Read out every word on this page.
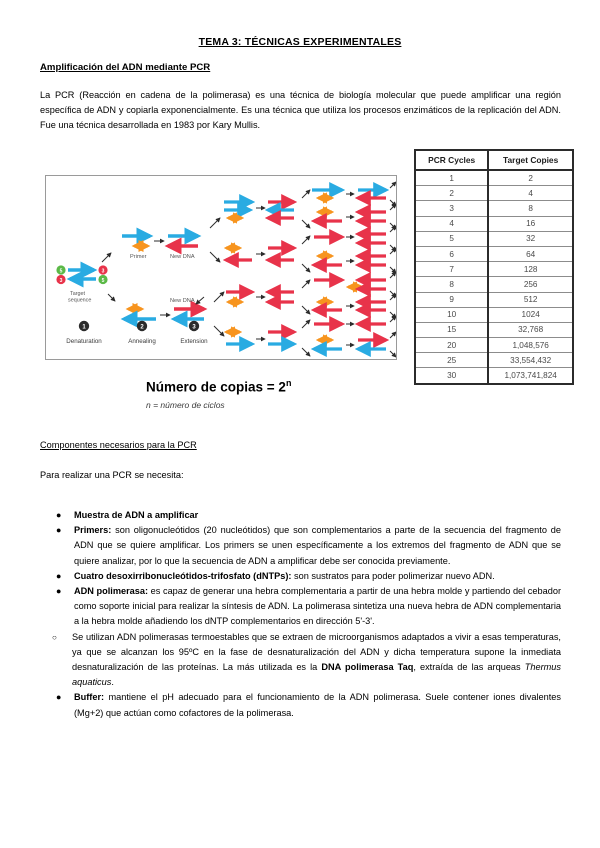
TEMA 3: TÉCNICAS EXPERIMENTALES
Amplificación del ADN mediante PCR
La PCR (Reacción en cadena de la polimerasa) es una técnica de biología molecular que puede amplificar una región específica de ADN y copiarla exponencialmente. Es una técnica que utiliza los procesos enzimáticos de la replicación del ADN. Fue una técnica desarrollada en 1983 por Kary Mullis.
5	3
3	5
Target
sequence
Primer	New DNA
New DNA
1
Denaturation
2
Annealing
3
Extension
Número de copias = $2^n$
n = número de ciclos
PCR Cycles	Target Copies
1	2
2	4
3	8
4	16
5	32
6	64
7	128
8	256
9	512
10	1024
15	32,768
20	1,048,576
25	33,554,432
30	1,073,741,824
Componentes necesarios para la PCR
Para realizar una PCR se necesita:
● Muestra de ADN a amplificar
● Primers: son oligonucleótidos (20 nucleótidos) que son complementarios a parte de la secuencia del fragmento de ADN que se quiere amplificar. Los primers se unen específicamente a los extremos del fragmento de ADN que se quiere analizar, por lo que la secuencia de ADN a amplificar debe ser conocida previamente.
● Cuatro desoxirribonucleótidos-trifosfato (dNTPs): son sustratos para poder polimerizar nuevo ADN.
● ADN polimerasa: es capaz de generar una hebra complementaria a partir de una hebra molde y partiendo del cebador como soporte inicial para realizar la síntesis de ADN. La polimerasa sintetiza una nueva hebra de ADN complementaria a la hebra molde añadiendo los dNTP complementarios en dirección 5'-3'.
○ Se utilizan ADN polimerasas termoestables que se extraen de microorganismos adaptados a vivir a esas temperaturas, ya que se alcanzan los 95ºC en la fase de desnaturalización del ADN y dicha temperatura supone la inmediata desnaturalización de las proteínas. La más utilizada es la DNA polimerasa Taq, extraída de las arqueas Thermus aquaticus.
● Buffer: mantiene el pH adecuado para el funcionamiento de la ADN polimerasa. Suele contener iones divalentes (Mg+2) que actúan como cofactores de la polimerasa.
